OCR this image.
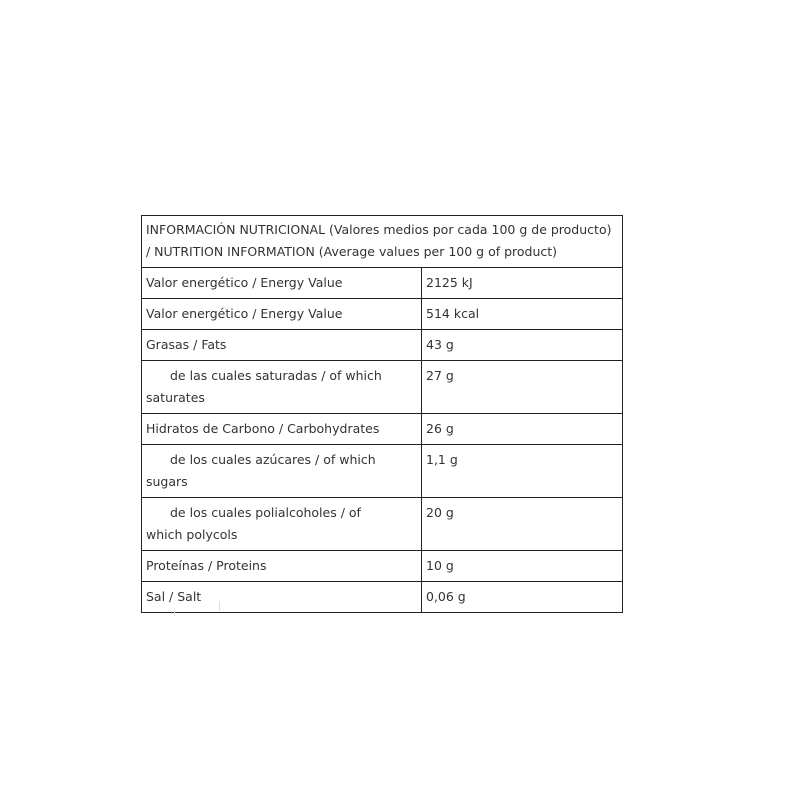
INFORMACIÓN NUTRICIONAL (Valores medios por cada 100 g de producto)
/ NUTRITION INFORMATION (Average values per 100 g of product)	

Valor energético / Energy Value	2125 kJ
Valor energético / Energy Value	514 kcal
Grasas / Fats	43 g
de las cuales saturadas / of which
saturates	27 g
Hidratos de Carbono / Carbohydrates	26 g
de los cuales azúcares / of whichsugars	1,1 g
de los cuales polialcoholes / of
which polycols	20 g
Proteínas / Proteins	10 g
Sal / Salt	0,06 g
